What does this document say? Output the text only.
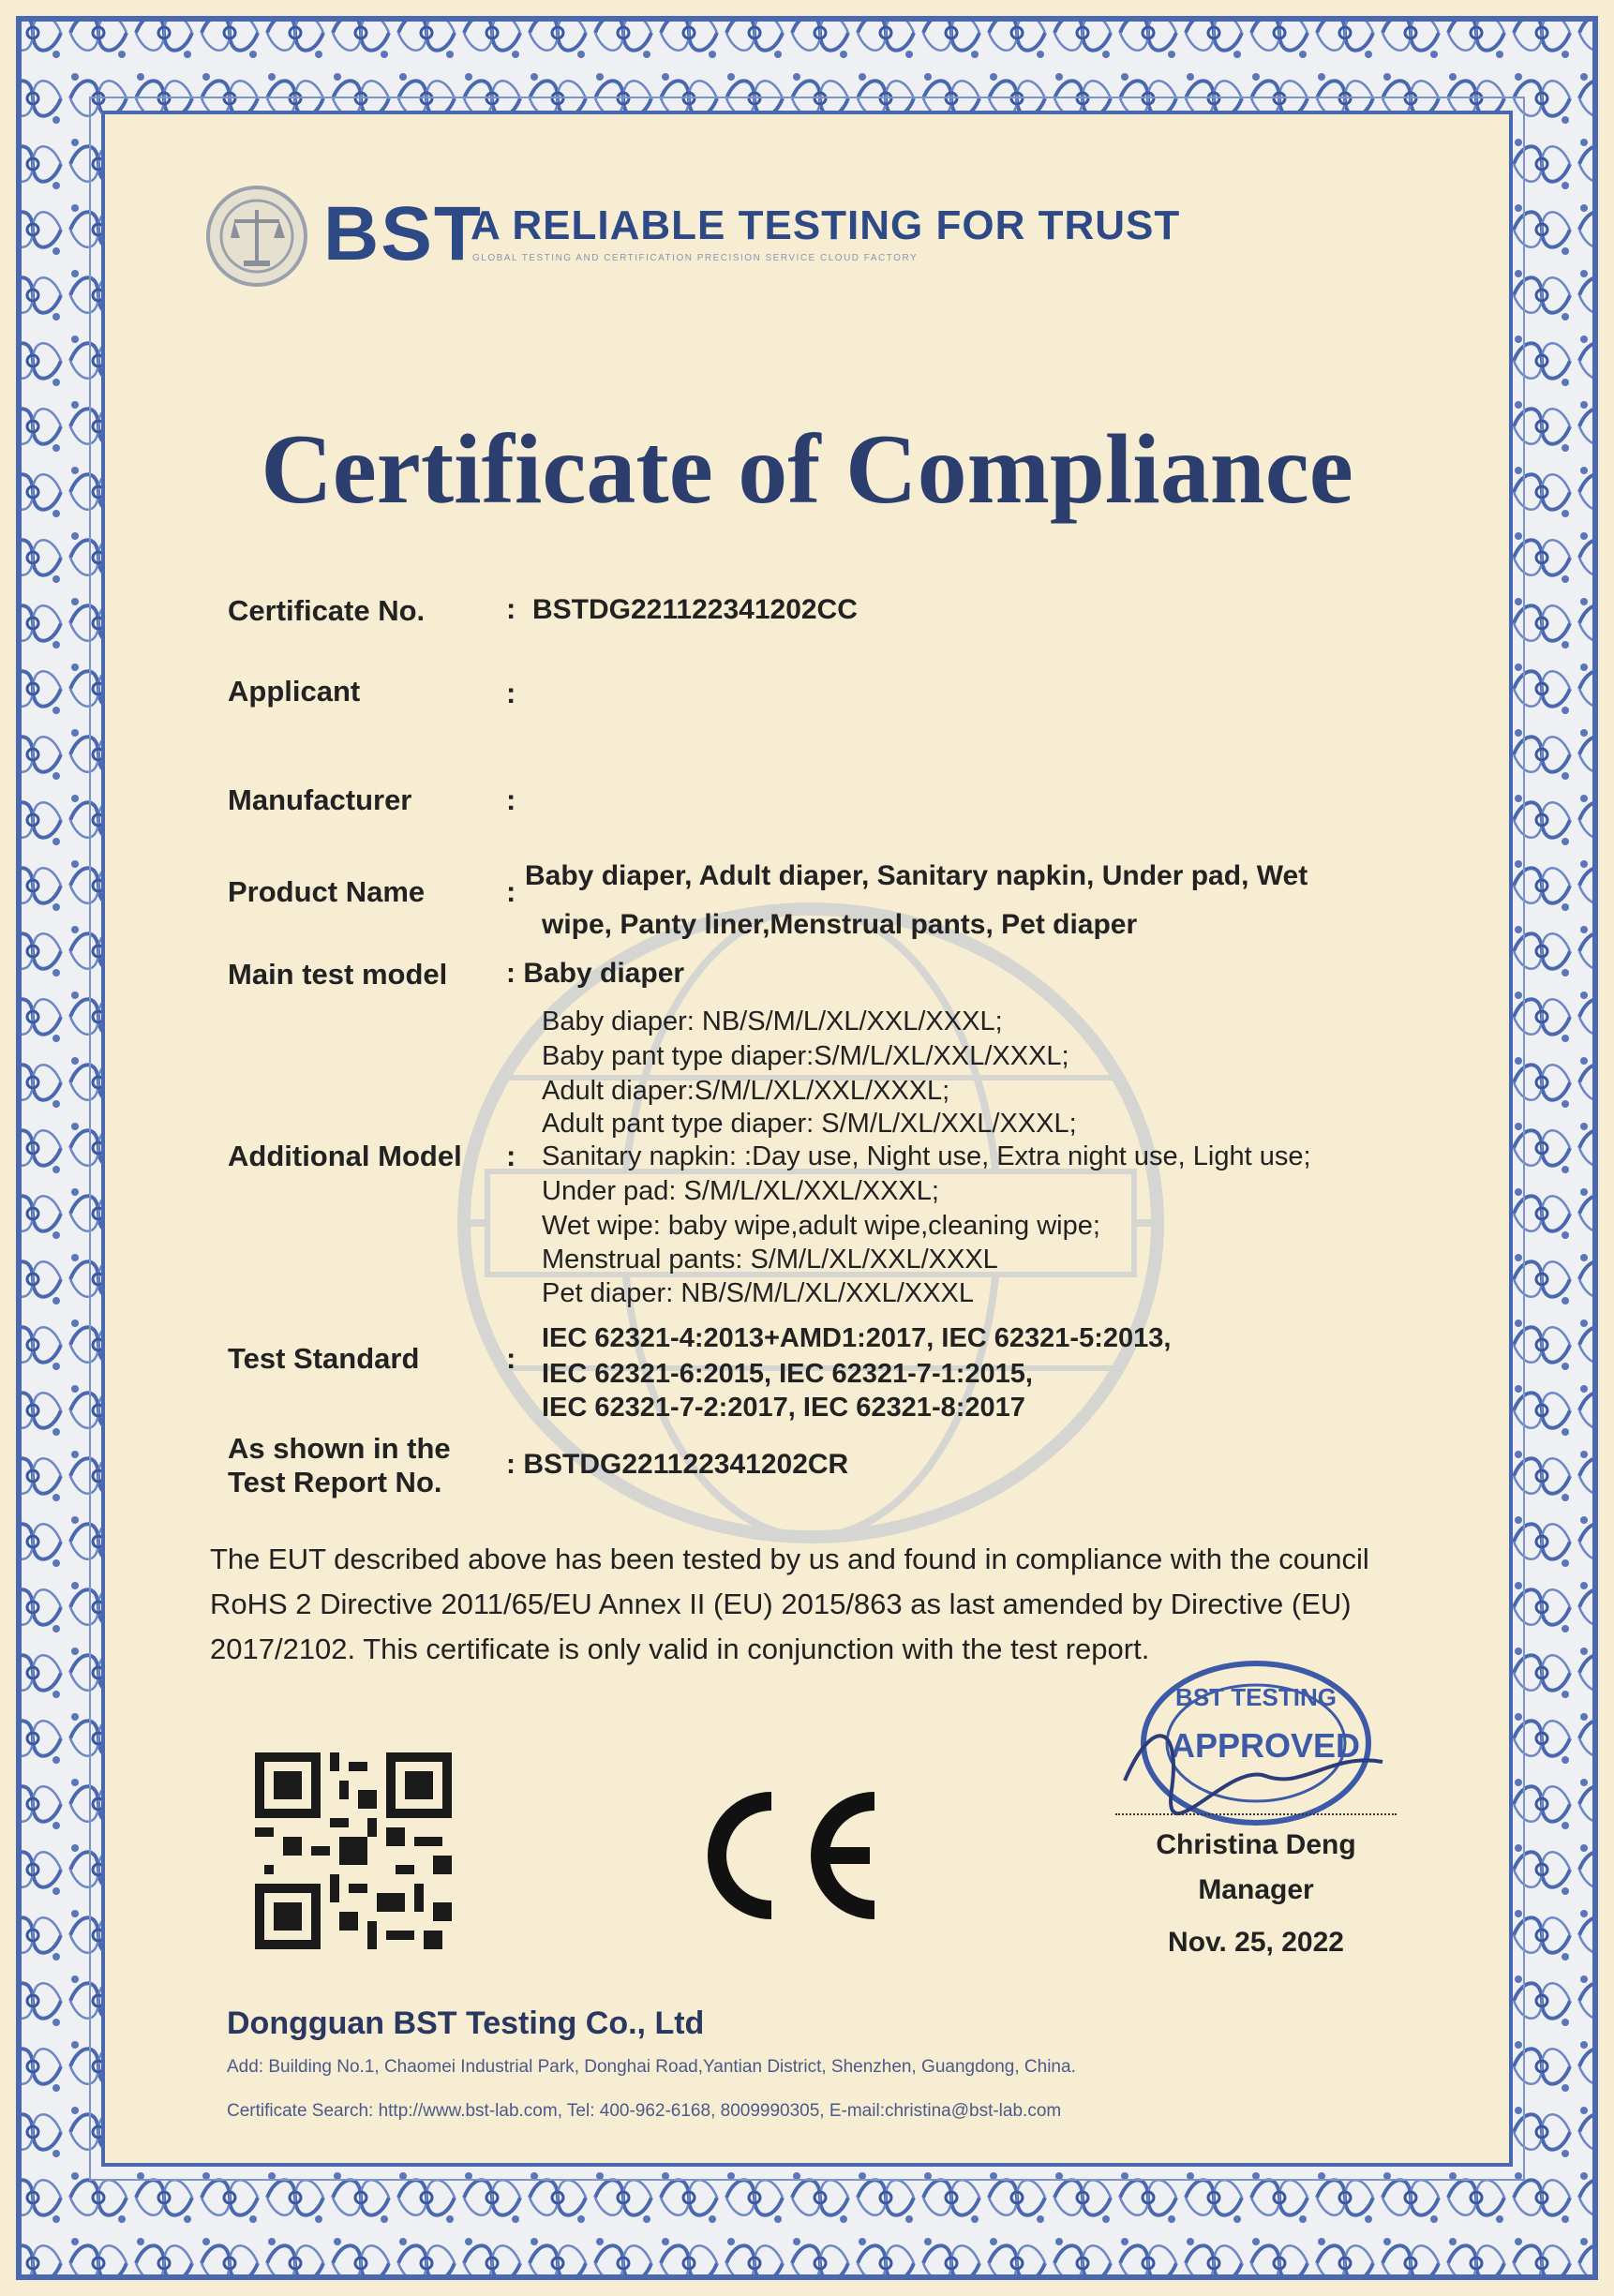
BST
A RELIABLE TESTING FOR TRUST
GLOBAL TESTING AND CERTIFICATION PRECISION SERVICE CLOUD FACTORY
Certificate of Compliance
Certificate No.	: BSTDG221122341202CC
Applicant	:
Manufacturer	:
Product Name	: Baby diaper, Adult diaper, Sanitary napkin, Under pad, Wet
wipe, Panty liner,Menstrual pants, Pet diaper
Main test model : Baby diaper
Additional Model :
Baby diaper: NB/S/M/L/XL/XXL/XXXL;
Baby pant type diaper:S/M/L/XL/XXL/XXXL;
Adult diaper:S/M/L/XL/XXL/XXXL;
Adult pant type diaper: S/M/L/XL/XXL/XXXL;
Sanitary napkin: :Day use, Night use, Extra night use, Light use;
Under pad: S/M/L/XL/XXL/XXXL;
Wet wipe: baby wipe,adult wipe,cleaning wipe;
Menstrual pants: S/M/L/XL/XXL/XXXL
Pet diaper: NB/S/M/L/XL/XXL/XXXL
Test Standard	:
IEC 62321-4:2013+AMD1:2017, IEC 62321-5:2013,
IEC 62321-6:2015, IEC 62321-7-1:2015,
IEC 62321-7-2:2017, IEC 62321-8:2017
As shown in the
Test Report No.
: BSTDG221122341202CR
The EUT described above has been tested by us and found in compliance with the council
RoHS 2 Directive 2011/65/EU Annex II (EU) 2015/863 as last amended by Directive (EU)
2017/2102. This certificate is only valid in conjunction with the test report.
BST TESTING
APPROVED
Christina Deng
Manager
Nov. 25, 2022
Dongguan BST Testing Co., Ltd
Add: Building No.1, Chaomei Industrial Park, Donghai Road,Yantian District, Shenzhen, Guangdong, China.
Certificate Search: http://www.bst-lab.com, Tel: 400-962-6168, 8009990305, E-mail:christina@bst-lab.com
